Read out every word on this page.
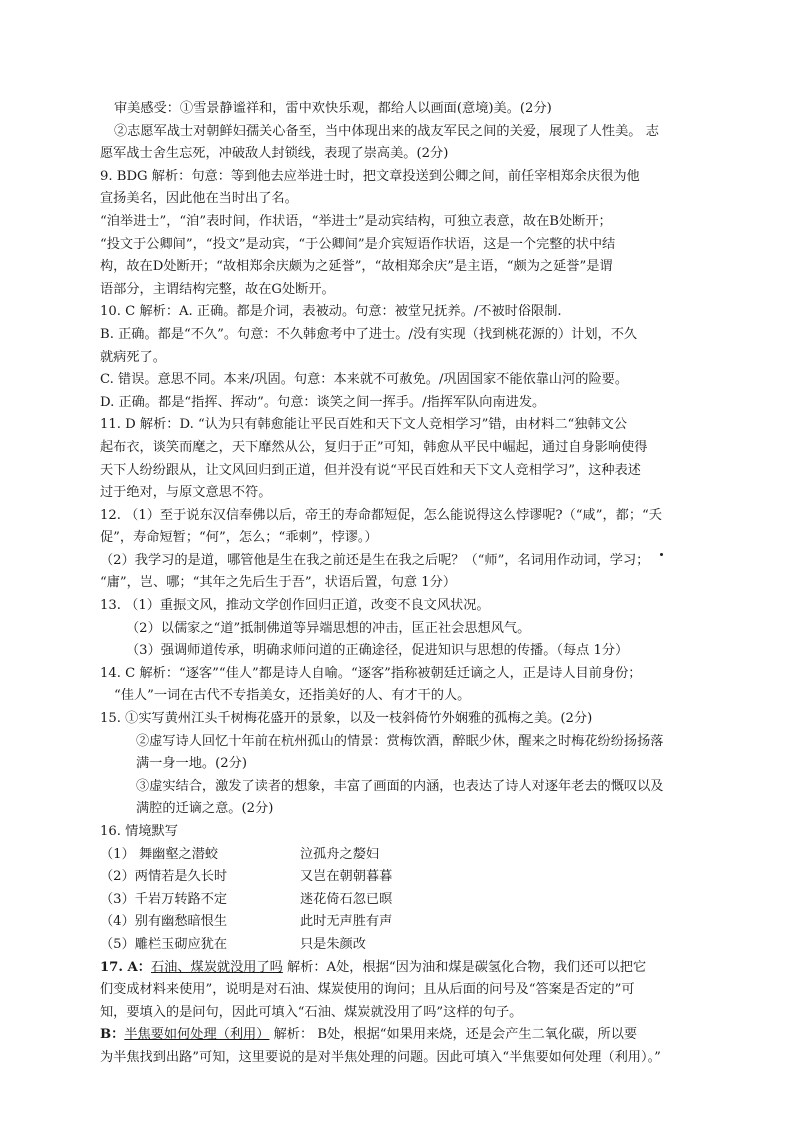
审美感受：①雪景静谧祥和，雷中欢快乐观，都给人以画面(意境)美。(2分)
②志愿军战士对朝鲜妇孺关心备至，当中体现出来的战友军民之间的关爱，展现了人性美。 志
愿军战士舍生忘死，冲破敌人封锁线，表现了崇高美。(2分)
9. BDG 解析：句意：等到他去应举进士时，把文章投送到公卿之间，前任宰相郑余庆很为他
宣扬美名，因此他在当时出了名。
“洎举进士”，“洎”表时间，作状语，“举进士”是动宾结构，可独立表意，故在B处断开；
“投文于公卿间”，“投文”是动宾，“于公卿间”是介宾短语作状语，这是一个完整的状中结
构，故在D处断开；“故相郑余庆颇为之延誉”，“故相郑余庆”是主语，“颇为之延誉”是谓
语部分，主谓结构完整，故在G处断开。
10. C 解析：A. 正确。都是介词，表被动。句意：被堂兄抚养。/不被时俗限制.
B. 正确。都是“不久”。句意：不久韩愈考中了进士。/没有实现（找到桃花源的）计划，不久
就病死了。
C. 错误。意思不同。本来/巩固。句意：本来就不可赦免。/巩固国家不能依靠山河的险要。
D. 正确。都是“指挥、挥动”。句意：谈笑之间一挥手。/指挥军队向南进发。
11. D 解析：D. “认为只有韩愈能让平民百姓和天下文人竞相学习”错，由材料二“独韩文公
起布衣，谈笑而麾之，天下靡然从公，复归于正”可知，韩愈从平民中崛起，通过自身影响使得
天下人纷纷跟从，让文风回归到正道，但并没有说“平民百姓和天下文人竞相学习”，这种表述
过于绝对，与原文意思不符。
12. （1）至于说东汉信奉佛以后，帝王的寿命都短促，怎么能说得这么悖谬呢?（“咸”，都；“夭
促”，寿命短暂；“何”，怎么；“乖刺”，悖谬。）
（2）我学习的是道，哪管他是生在我之前还是生在我之后呢？（“师”，名词用作动词，学习；
“庸”，岂、哪；“其年之先后生于吾”，状语后置，句意 1分）
13. （1）重振文风，推动文学创作回归正道，改变不良文风状况。
（2）以儒家之“道”抵制佛道等异端思想的冲击，匡正社会思想风气。
（3）强调师道传承，明确求师问道的正确途径，促进知识与思想的传播。（每点 1分）
14. C 解析：“逐客”“佳人”都是诗人自喻。“逐客”指称被朝廷迁谪之人，正是诗人目前身份；
“佳人”一词在古代不专指美女，还指美好的人、有才干的人。
15. ①实写黄州江头千树梅花盛开的景象，以及一枝斜倚竹外娴雅的孤梅之美。(2分)
②虚写诗人回忆十年前在杭州孤山的情景：赏梅饮酒，醉眠少休，醒来之时梅花纷纷扬扬落
满一身一地。(2分)
③虚实结合，激发了读者的想象，丰富了画面的内涵，也表达了诗人对逐年老去的慨叹以及
满腔的迁谪之意。(2分)
16. 情境默写
（1） 舞幽壑之潜蛟	泣孤舟之嫠妇
（2）两情若是久长时	又岂在朝朝暮暮
（3）千岩万转路不定	迷花倚石忽已暝
（4）别有幽愁暗恨生	此时无声胜有声
（5）雕栏玉砌应犹在	只是朱颜改
17. A：石油、煤炭就没用了吗 解析：A处，根据“因为油和煤是碳氢化合物，我们还可以把它
们变成材料来使用”，说明是对石油、煤炭使用的询问；且从后面的问号及“答案是否定的”可
知，要填入的是问句，因此可填入“石油、煤炭就没用了吗”这样的句子。
B：半焦要如何处理（利用） 解析： B处，根据“如果用来烧，还是会产生二氧化碳，所以要
为半焦找到出路”可知，这里要说的是对半焦处理的问题。因此可填入“半焦要如何处理（利用）。”
